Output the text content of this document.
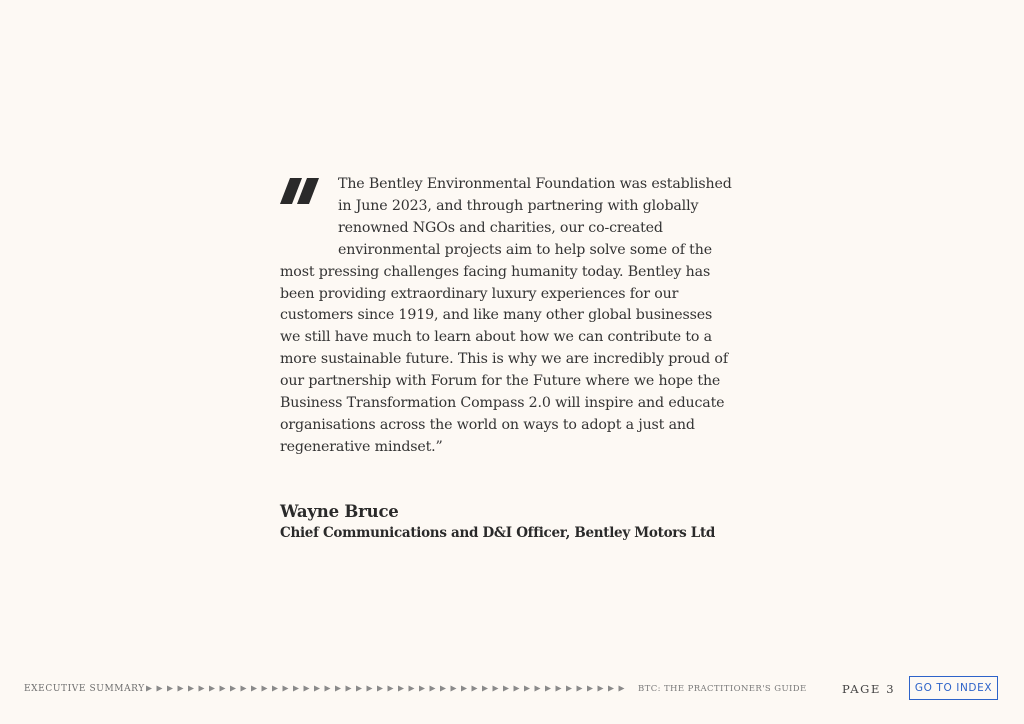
The Bentley Environmental Foundation was established in June 2023, and through partnering with globally renowned NGOs and charities, our co-created environmental projects aim to help solve some of the most pressing challenges facing humanity today. Bentley has been providing extraordinary luxury experiences for our customers since 1919, and like many other global businesses we still have much to learn about how we can contribute to a more sustainable future. This is why we are incredibly proud of our partnership with Forum for the Future where we hope the Business Transformation Compass 2.0 will inspire and educate organisations across the world on ways to adopt a just and regenerative mindset.”

Wayne Bruce

Chief Communications and D&I Officer, Bentley Motors Ltd

EXECUTIVE SUMMARY	BTC: THE PRACTITIONER'S GUIDE	PAGE 3	GO TO INDEX
